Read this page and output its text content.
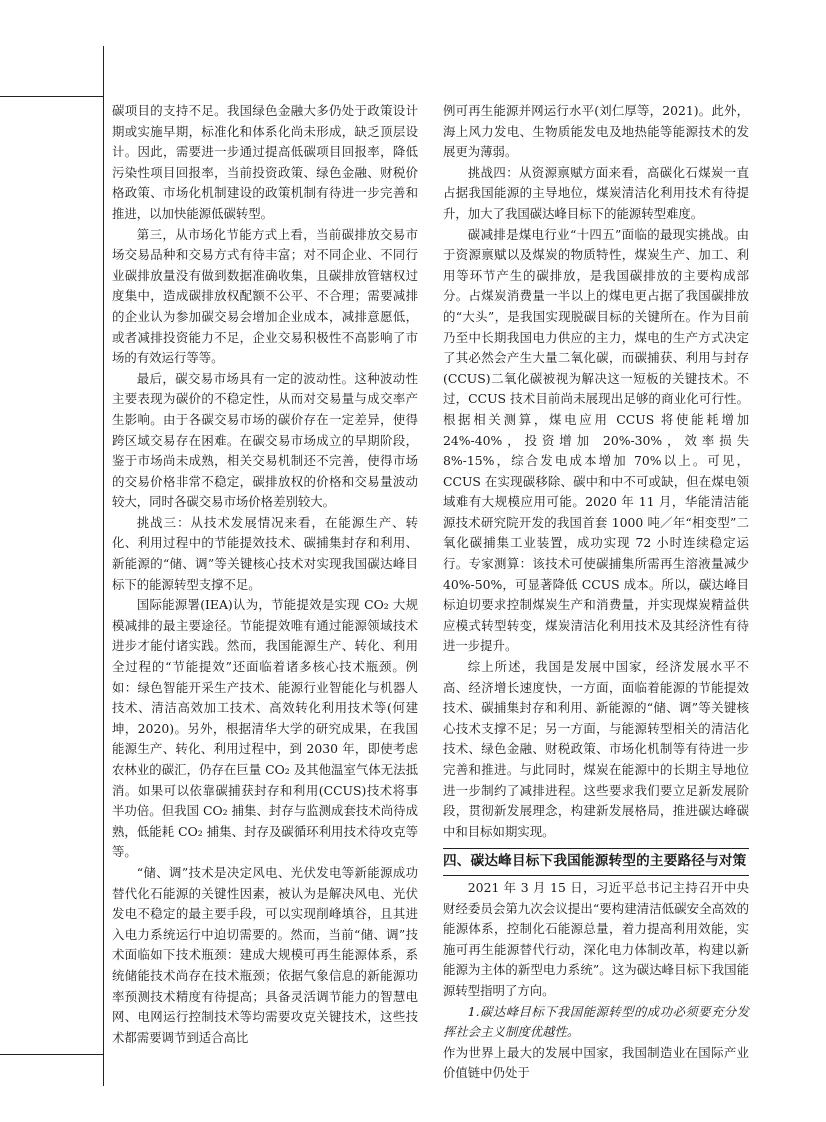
碳项目的支持不足。我国绿色金融大多仍处于政策设计期或实施早期，标准化和体系化尚未形成，缺乏顶层设计。因此，需要进一步通过提高低碳项目回报率，降低污染性项目回报率，当前投资政策、绿色金融、财税价格政策、市场化机制建设的政策机制有待进一步完善和推进，以加快能源低碳转型。

第三，从市场化节能方式上看，当前碳排放交易市场交易品种和交易方式有待丰富；对不同企业、不同行业碳排放量没有做到数据准确收集，且碳排放管辖权过度集中，造成碳排放权配额不公平、不合理；需要减排的企业认为参加碳交易会增加企业成本，减排意愿低，或者减排投资能力不足，企业交易积极性不高影响了市场的有效运行等等。

最后，碳交易市场具有一定的波动性。这种波动性主要表现为碳价的不稳定性，从而对交易量与成交率产生影响。由于各碳交易市场的碳价存在一定差异，使得跨区域交易存在困难。在碳交易市场成立的早期阶段，鉴于市场尚未成熟，相关交易机制还不完善，使得市场的交易价格非常不稳定，碳排放权的价格和交易量波动较大，同时各碳交易市场价格差别较大。

挑战三：从技术发展情况来看，在能源生产、转化、利用过程中的节能提效技术、碳捕集封存和利用、新能源的“储、调”等关键核心技术对实现我国碳达峰目标下的能源转型支撑不足。

国际能源署(IEA)认为，节能提效是实现 CO₂ 大规模减排的最主要途径。节能提效唯有通过能源领域技术进步才能付诸实践。然而，我国能源生产、转化、利用全过程的“节能提效”还面临着诸多核心技术瓶颈。例如：绿色智能开采生产技术、能源行业智能化与机器人技术、清洁高效加工技术、高效转化利用技术等(何建坤，2020)。另外，根据清华大学的研究成果，在我国能源生产、转化、利用过程中，到 2030 年，即使考虑农林业的碳汇，仍存在巨量 CO₂ 及其他温室气体无法抵消。如果可以依靠碳捕获封存和利用(CCUS)技术将事半功倍。但我国 CO₂ 捕集、封存与监测成套技术尚待成熟，低能耗 CO₂ 捕集、封存及碳循环利用技术待攻克等等。

“储、调”技术是决定风电、光伏发电等新能源成功替代化石能源的关键性因素，被认为是解决风电、光伏发电不稳定的最主要手段，可以实现削峰填谷，且其进入电力系统运行中迫切需要的。然而，当前“储、调”技术面临如下技术瓶颈：建成大规模可再生能源体系，系统储能技术尚存在技术瓶颈；依据气象信息的新能源功率预测技术精度有待提高；具备灵活调节能力的智慧电网、电网运行控制技术等均需要攻克关键技术，这些技术都需要调节到适合高比

例可再生能源并网运行水平(刘仁厚等，2021)。此外，海上风力发电、生物质能发电及地热能等能源技术的发展更为薄弱。

挑战四：从资源禀赋方面来看，高碳化石煤炭一直占据我国能源的主导地位，煤炭清洁化利用技术有待提升，加大了我国碳达峰目标下的能源转型难度。

碳减排是煤电行业“十四五”面临的最现实挑战。由于资源禀赋以及煤炭的物质特性，煤炭生产、加工、利用等环节产生的碳排放，是我国碳排放的主要构成部分。占煤炭消费量一半以上的煤电更占据了我国碳排放的“大头”，是我国实现脱碳目标的关键所在。作为目前乃至中长期我国电力供应的主力，煤电的生产方式决定了其必然会产生大量二氧化碳，而碳捕获、利用与封存(CCUS)二氧化碳被视为解决这一短板的关键技术。不过，CCUS 技术目前尚未展现出足够的商业化可行性。根据相关测算，煤电应用 CCUS 将使能耗增加 24%-40%，投资增加 20%-30%，效率损失 8%-15%，综合发电成本增加 70%以上。可见，CCUS 在实现碳移除、碳中和中不可或缺，但在煤电领域难有大规模应用可能。2020 年 11 月，华能清洁能源技术研究院开发的我国首套 1000 吨／年“相变型”二氧化碳捕集工业装置，成功实现 72 小时连续稳定运行。专家测算：该技术可使碳捕集所需再生溶液量减少 40%-50%，可显著降低 CCUS 成本。所以，碳达峰目标迫切要求控制煤炭生产和消费量，并实现煤炭精益供应模式转型转变，煤炭清洁化利用技术及其经济性有待进一步提升。

综上所述，我国是发展中国家，经济发展水平不高、经济增长速度快，一方面，面临着能源的节能提效技术、碳捕集封存和利用、新能源的“储、调”等关键核心技术支撑不足；另一方面，与能源转型相关的清洁化技术、绿色金融、财税政策、市场化机制等有待进一步完善和推进。与此同时，煤炭在能源中的长期主导地位进一步制约了减排进程。这些要求我们要立足新发展阶段，贯彻新发展理念，构建新发展格局，推进碳达峰碳中和目标如期实现。

四、碳达峰目标下我国能源转型的主要路径与对策

2021 年 3 月 15 日，习近平总书记主持召开中央财经委员会第九次会议提出“要构建清洁低碳安全高效的能源体系，控制化石能源总量，着力提高利用效能，实施可再生能源替代行动，深化电力体制改革，构建以新能源为主体的新型电力系统”。这为碳达峰目标下我国能源转型指明了方向。

1.碳达峰目标下我国能源转型的成功必须要充分发挥社会主义制度优越性。

作为世界上最大的发展中国家，我国制造业在国际产业价值链中仍处于
